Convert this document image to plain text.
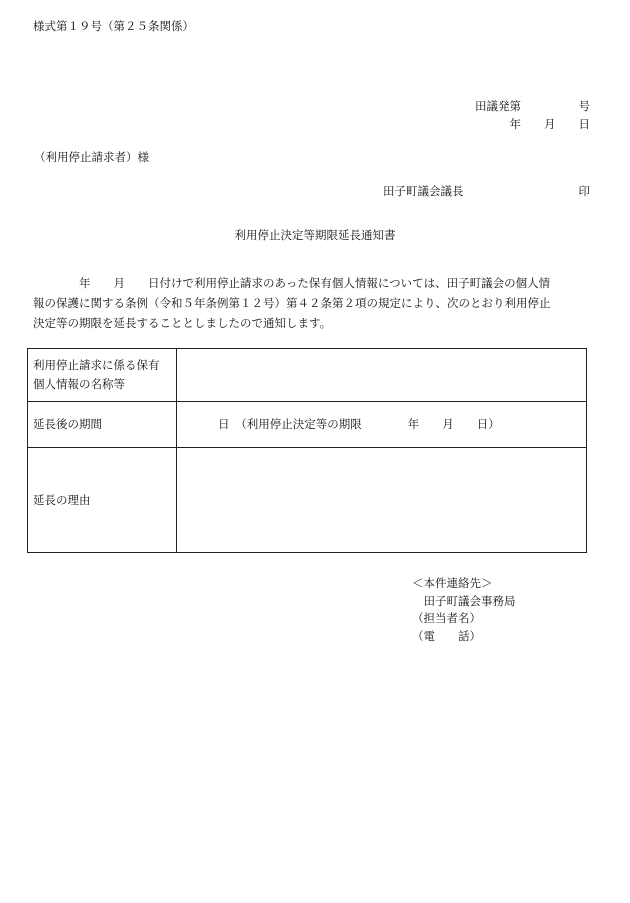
様式第１９号（第２５条関係）
田議発第　　　　　号
年　　月　　日
（利用停止請求者）様
田子町議会議長	印
利用停止決定等期限延長通知書
　　　　年　　月　　日付けで利用停止請求のあった保有個人情報については、田子町議会の個人情
報の保護に関する条例（令和５年条例第１２号）第４２条第２項の規定により、次のとおり利用停止
決定等の期限を延長することとしましたので通知します。
利用停止請求に係る保有
個人情報の名称等	
延長後の期間	日　（利用停止決定等の期限　　　　年　　月　　日）
延長の理由	
＜本件連絡先＞
　田子町議会事務局
（担当者名）
（電　　話）
